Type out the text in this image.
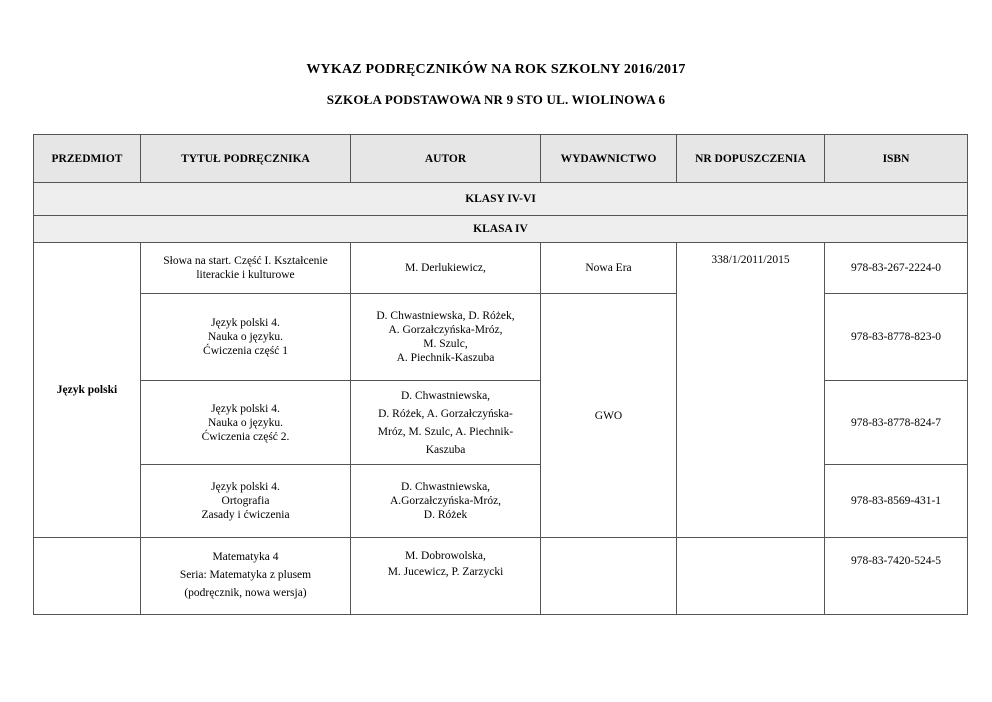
WYKAZ PODRĘCZNIKÓW NA ROK SZKOLNY 2016/2017
SZKOŁA PODSTAWOWA NR 9 STO UL. WIOLINOWA 6
PRZEDMIOT	TYTUŁ PODRĘCZNIKA	AUTOR	WYDAWNICTWO	NR DOPUSZCZENIA	ISBN
KLASY IV-VI					
KLASA IV					
Język polski	Słowa na start. Część I. Kształcenie
literackie i kulturowe	M. Derlukiewicz,	Nowa Era	338/1/2011/2015	978-83-267-2224-0
	Język polski 4.
Nauka o języku.
Ćwiczenia część 1	D. Chwastniewska, D. Różek,
A. Gorzałczyńska-Mróz,
M. Szulc,
A. Piechnik-Kaszuba	GWO		978-83-8778-823-0
	Język polski 4.
Nauka o języku.
Ćwiczenia część 2.	D. Chwastniewska,
D. Różek, A. Gorzałczyńska-
Mróz, M. Szulc, A. Piechnik-
Kaszuba			978-83-8778-824-7
	Język polski 4.
Ortografia
Zasady i ćwiczenia	D. Chwastniewska,
A.Gorzałczyńska-Mróz,
D. Różek			978-83-8569-431-1
	Matematyka 4
Seria: Matematyka z plusem
(podręcznik, nowa wersja)	M. Dobrowolska,
M. Jucewicz, P. Zarzycki			978-83-7420-524-5
